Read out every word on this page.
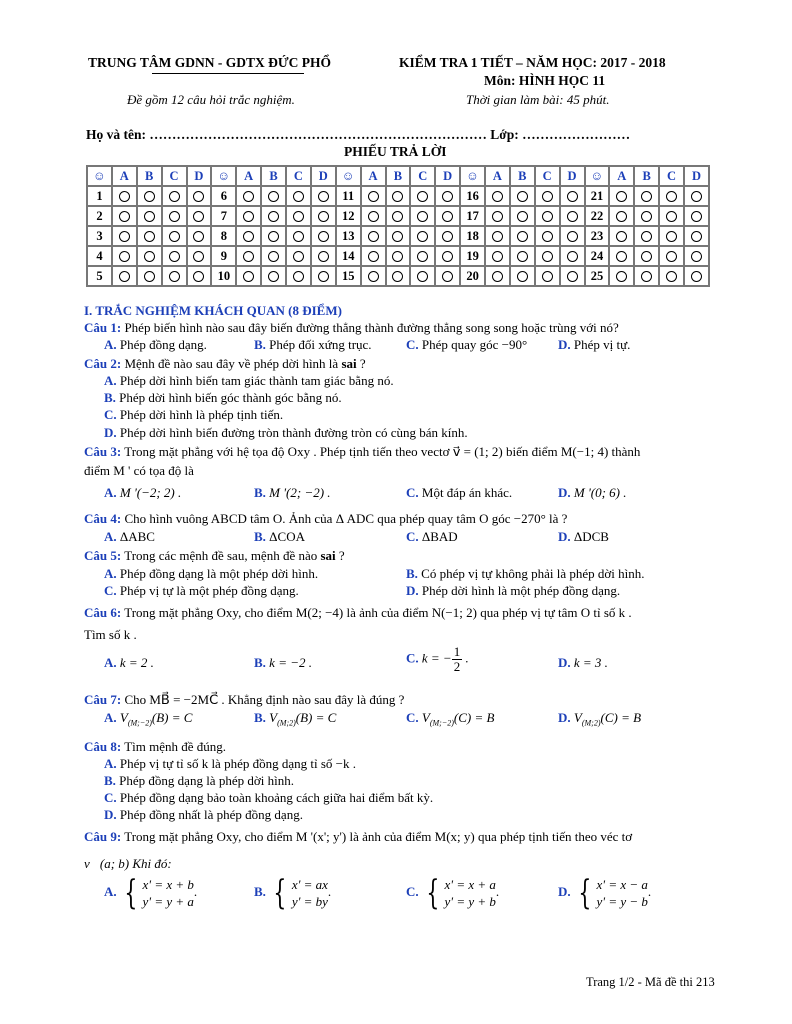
TRUNG TÂM GDNN - GDTX ĐỨC PHỔ	KIỂM TRA 1 TIẾT – NĂM HỌC: 2017 - 2018
Môn: HÌNH HỌC 11
Đề gồm 12 câu hỏi trắc nghiệm.	Thời gian làm bài: 45 phút.
Họ và tên: ………………………………………………………………… Lớp: ……………………
PHIẾU TRẢ LỜI
☺	A	B	C	D	☺	A	B	C	D	☺	A	B	C	D	☺	A	B	C	D	☺	A	B	C	D
1					6					11					16					21				
2					7					12					17					22				
3					8					13					18					23				
4					9					14					19					24				
5					10					15					20					25				
I. TRẮC NGHIỆM KHÁCH QUAN (8 ĐIỂM)
Câu 1: Phép biến hình nào sau đây biến đường thẳng thành đường thẳng song song hoặc trùng với nó?
A. Phép đồng dạng.	B. Phép đối xứng trục.	C. Phép quay góc −90° D. Phép vị tự.
Câu 2: Mệnh đề nào sau đây về phép dời hình là sai ?
A. Phép dời hình biến tam giác thành tam giác bằng nó.
B. Phép dời hình biến góc thành góc bằng nó.
C. Phép dời hình là phép tịnh tiến.
D. Phép dời hình biến đường tròn thành đường tròn có cùng bán kính.
Câu 3: Trong mặt phẳng với hệ tọa độ Oxy . Phép tịnh tiến theo vectơ v⃗ = (1; 2) biến điểm M(−1; 4) thành
điểm M ' có tọa độ là
A. M '(−2; 2) .	B. M '(2; −2) .	C. Một đáp án khác.	D. M '(0; 6) .
Câu 4: Cho hình vuông ABCD tâm O. Ảnh của Δ ADC qua phép quay tâm O góc −270° là ?
A. ΔABC	B. ΔCOA	C. ΔBAD	D. ΔDCB
Câu 5: Trong các mệnh đề sau, mệnh đề nào sai ?
A. Phép đồng dạng là một phép dời hình.	B. Có phép vị tự không phải là phép dời hình.
C. Phép vị tự là một phép đồng dạng.	D. Phép dời hình là một phép đồng dạng.
Câu 6: Trong mặt phẳng Oxy, cho điểm M(2; −4) là ảnh của điểm N(−1; 2) qua phép vị tự tâm O tỉ số k .
Tìm số k .
A. k = 2 .	B. k = −2 .	C. k = − $\frac{1}{2}$ .	D. k = 3 .
Câu 7: Cho MB⃗ = −2MC⃗ . Khẳng định nào sau đây là đúng ?
A. $V_{(M;-2)}(B) = C$	B. $V_{(M;2)}(B) = C$	C. $V_{(M;-2)}(C) = B$	D. $V_{(M;2)}(C) = B$
Câu 8: Tìm mệnh đề đúng.
A. Phép vị tự tỉ số k là phép đồng dạng tỉ số −k .
B. Phép đồng dạng là phép dời hình.
C. Phép đồng dạng bảo toàn khoảng cách giữa hai điểm bất kỳ.
D. Phép đồng nhất là phép đồng dạng.
Câu 9: Trong mặt phẳng Oxy, cho điểm M '(x'; y') là ảnh của điểm M(x; y) qua phép tịnh tiến theo véc tơ
v⃗(a; b) Khi đó:
A. { x' = x + b
y' = y + a
.	B. { x' = ax
y' = by
.	C. { x' = x + a
y' = y + b
.	D. { x' = x − a
y' = y − b
.
Trang 1/2 - Mã đề thi 213
